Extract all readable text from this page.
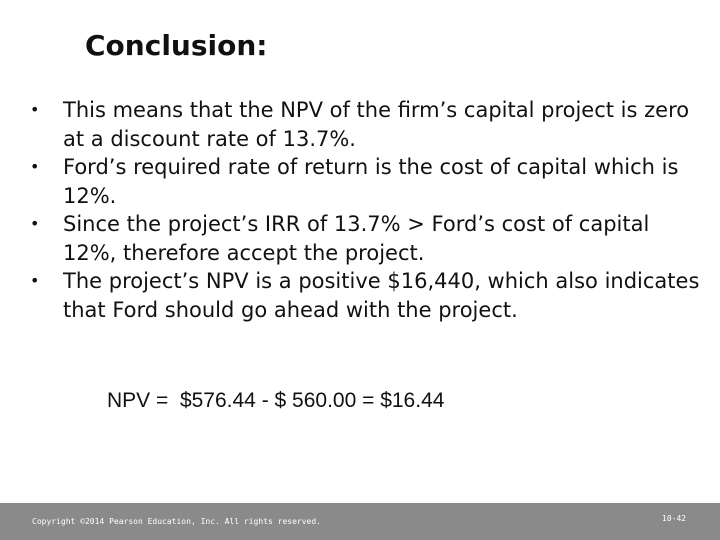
Conclusion:
• This means that the NPV of the firm’s capital project is zero at a discount rate of 13.7%.
• Ford’s required rate of return is the cost of capital which is 12%.
• Since the project’s IRR of 13.7% > Ford’s cost of capital 12%, therefore accept the project.
• The project’s NPV is a positive $16,440, which also indicates that Ford should go ahead with the project.
NPV =  $576.44 - $ 560.00 = $16.44
Copyright ©2014 Pearson Education, Inc. All rights reserved.	10-42
